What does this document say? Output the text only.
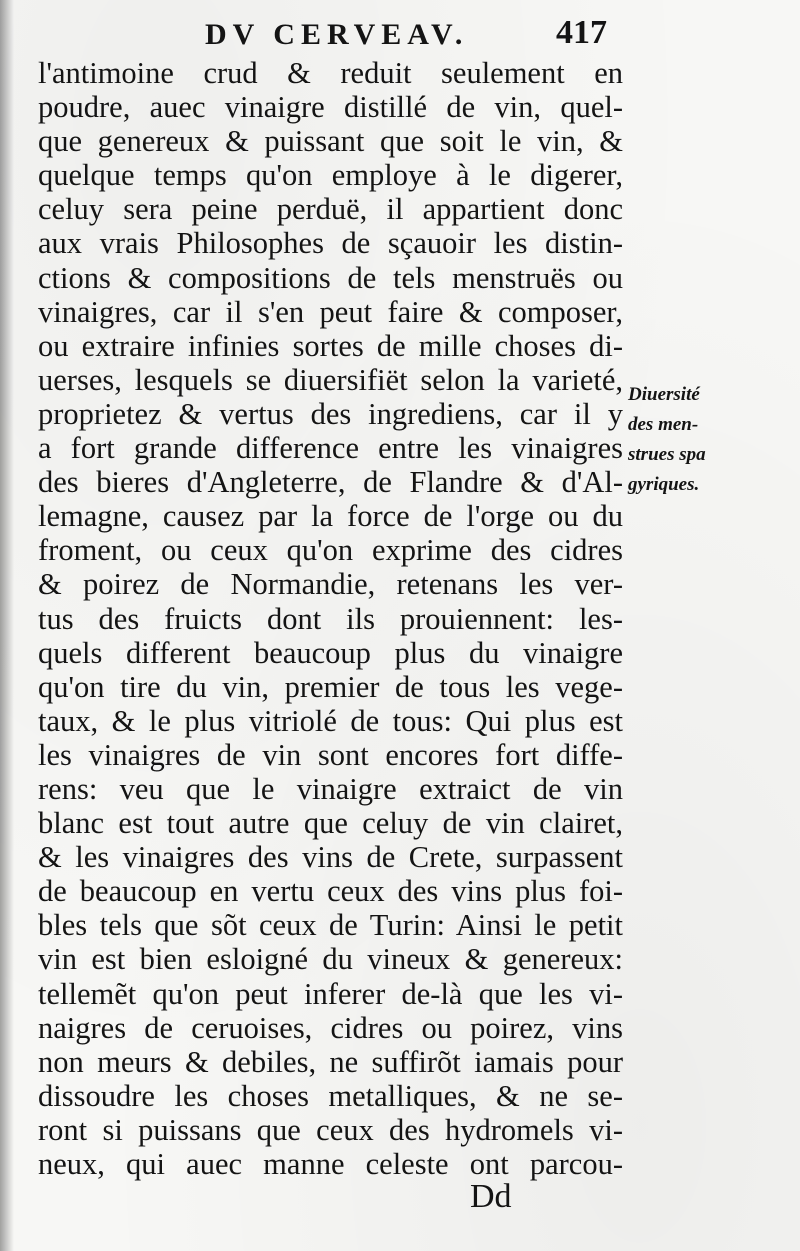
DV CERVEAV.	417
l'antimoine crud & reduit seulement en
poudre, auec vinaigre distillé de vin, quel-
que genereux & puissant que soit le vin, &
quelque temps qu'on employe à le digerer,
celuy sera peine perduë, il appartient donc
aux vrais Philosophes de sçauoir les distin-
ctions & compositions de tels menstruës ou
vinaigres, car il s'en peut faire & composer,
ou extraire infinies sortes de mille choses di-
uerses, lesquels se diuersifiët selon la varieté,
proprietez & vertus des ingrediens, car il y
a fort grande difference entre les vinaigres
des bieres d'Angleterre, de Flandre & d'Al-
lemagne, causez par la force de l'orge ou du
froment, ou ceux qu'on exprime des cidres
& poirez de Normandie, retenans les ver-
tus des fruicts dont ils prouiennent: les-
quels different beaucoup plus du vinaigre
qu'on tire du vin, premier de tous les vege-
taux, & le plus vitriolé de tous: Qui plus est
les vinaigres de vin sont encores fort diffe-
rens: veu que le vinaigre extraict de vin
blanc est tout autre que celuy de vin clairet,
& les vinaigres des vins de Crete, surpassent
de beaucoup en vertu ceux des vins plus foi-
bles tels que sõt ceux de Turin: Ainsi le petit
vin est bien esloigné du vineux & genereux:
tellemẽt qu'on peut inferer de-là que les vi-
naigres de ceruoises, cidres ou poirez, vins
non meurs & debiles, ne suffirõt iamais pour
dissoudre les choses metalliques, & ne se-
ront si puissans que ceux des hydromels vi-
neux, qui auec manne celeste ont parcou-
Diuersité
des men-
strues spa
gyriques.
Dd
